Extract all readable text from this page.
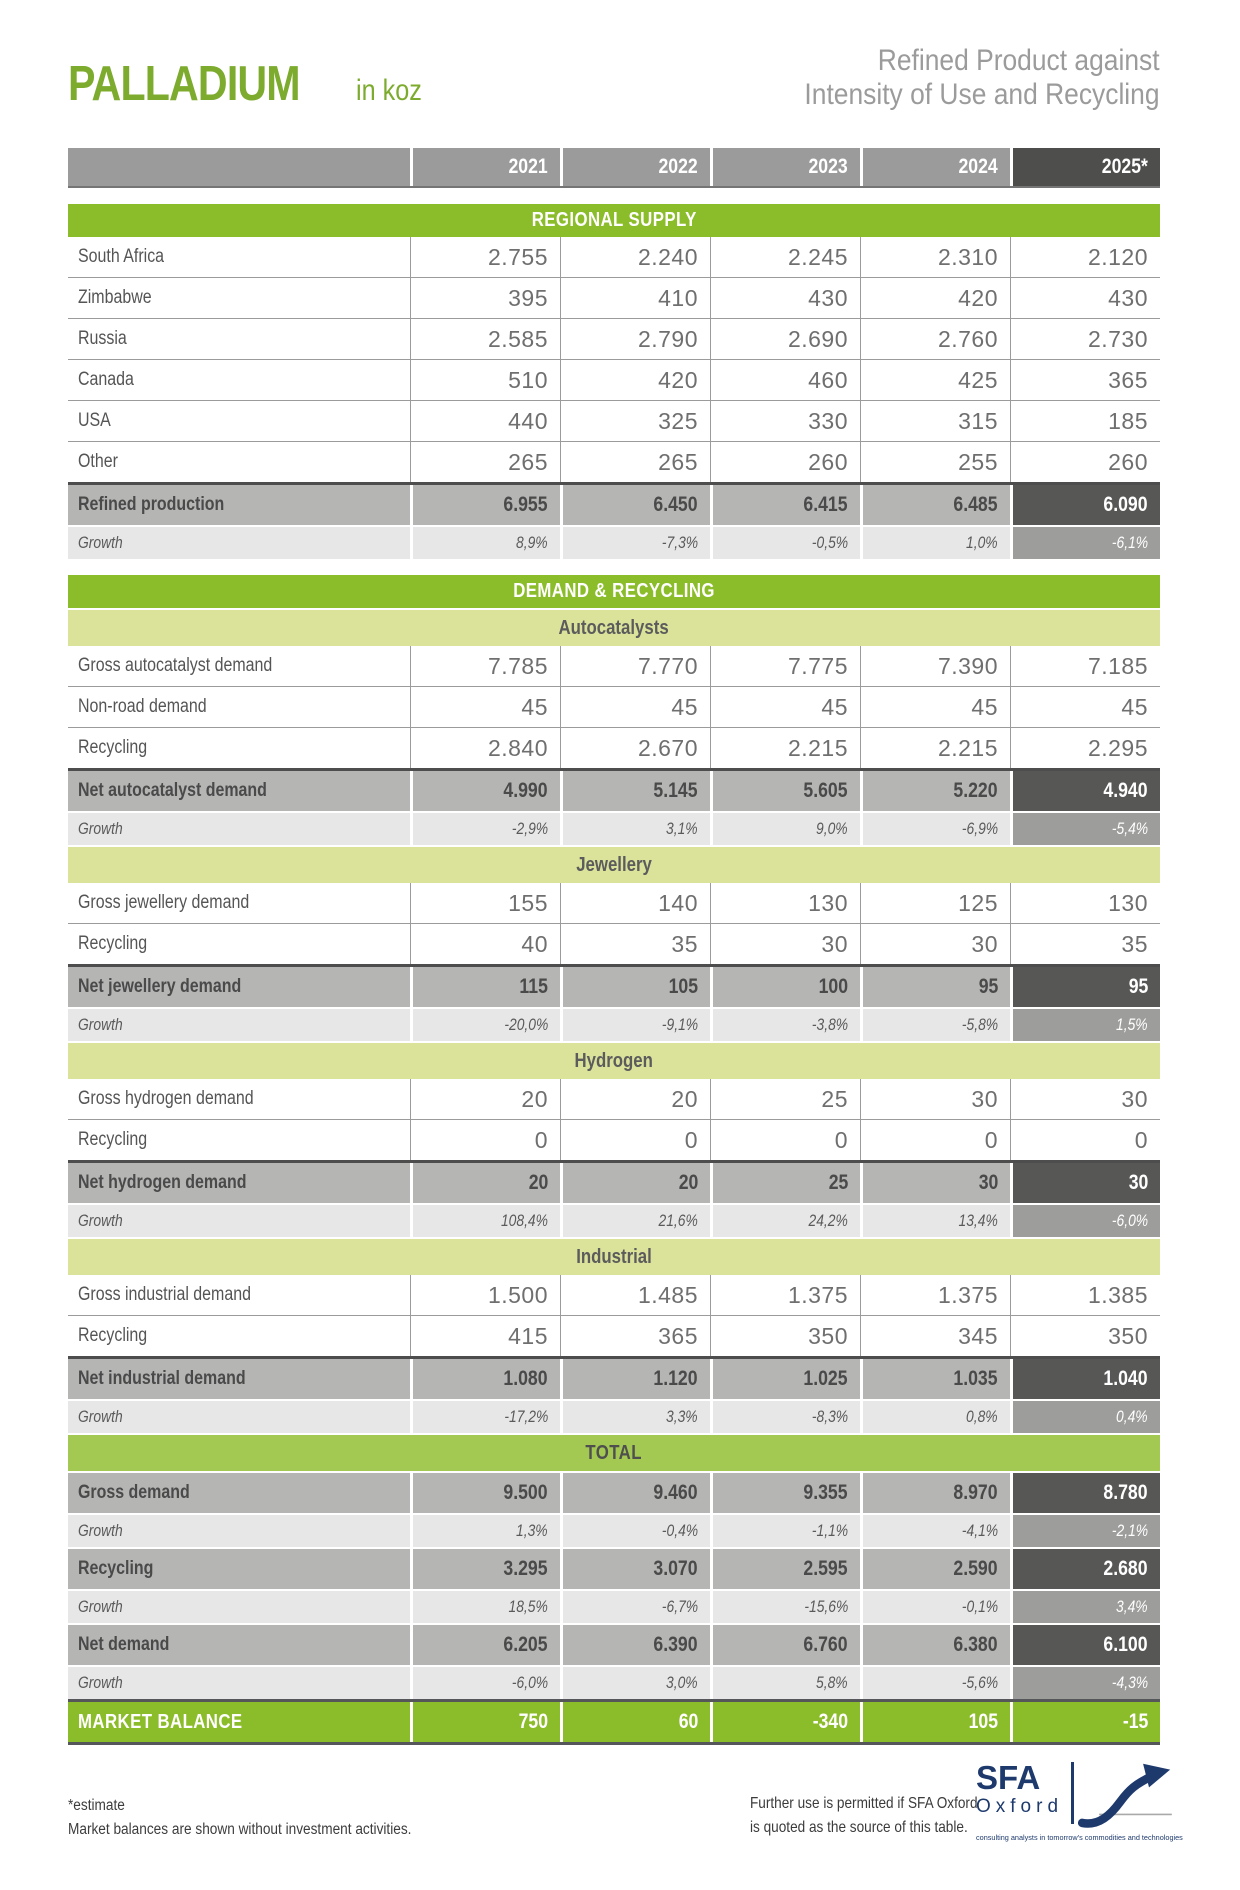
PALLADIUM in koz
Refined Product against
Intensity of Use and Recycling
2021	2022	2023	2024	2025*
REGIONAL SUPPLY
South Africa	2.755	2.240	2.245	2.310	2.120
Zimbabwe	395	410	430	420	430
Russia	2.585	2.790	2.690	2.760	2.730
Canada	510	420	460	425	365
USA	440	325	330	315	185
Other	265	265	260	255	260
Refined production	6.955	6.450	6.415	6.485	6.090
Growth	8,9%	-7,3%	-0,5%	1,0%	-6,1%
DEMAND & RECYCLING
Autocatalysts
Gross autocatalyst demand	7.785	7.770	7.775	7.390	7.185
Non-road demand	45	45	45	45	45
Recycling	2.840	2.670	2.215	2.215	2.295
Net autocatalyst demand	4.990	5.145	5.605	5.220	4.940
Growth	-2,9%	3,1%	9,0%	-6,9%	-5,4%
Jewellery
Gross jewellery demand	155	140	130	125	130
Recycling	40	35	30	30	35
Net jewellery demand	115	105	100	95	95
Growth	-20,0%	-9,1%	-3,8%	-5,8%	1,5%
Hydrogen
Gross hydrogen demand	20	20	25	30	30
Recycling	0	0	0	0	0
Net hydrogen demand	20	20	25	30	30
Growth	108,4%	21,6%	24,2%	13,4%	-6,0%
Industrial
Gross industrial demand	1.500	1.485	1.375	1.375	1.385
Recycling	415	365	350	345	350
Net industrial demand	1.080	1.120	1.025	1.035	1.040
Growth	-17,2%	3,3%	-8,3%	0,8%	0,4%
TOTAL
Gross demand	9.500	9.460	9.355	8.970	8.780
Growth	1,3%	-0,4%	-1,1%	-4,1%	-2,1%
Recycling	3.295	3.070	2.595	2.590	2.680
Growth	18,5%	-6,7%	-15,6%	-0,1%	3,4%
Net demand	6.205	6.390	6.760	6.380	6.100
Growth	-6,0%	3,0%	5,8%	-5,6%	-4,3%
MARKET BALANCE	750	60	-340	105	-15
*estimate
Market balances are shown without investment activities.
Further use is permitted if SFA Oxford
is quoted as the source of this table.
SFA
Oxford
consulting analysts in tomorrow's commodities and technologies
